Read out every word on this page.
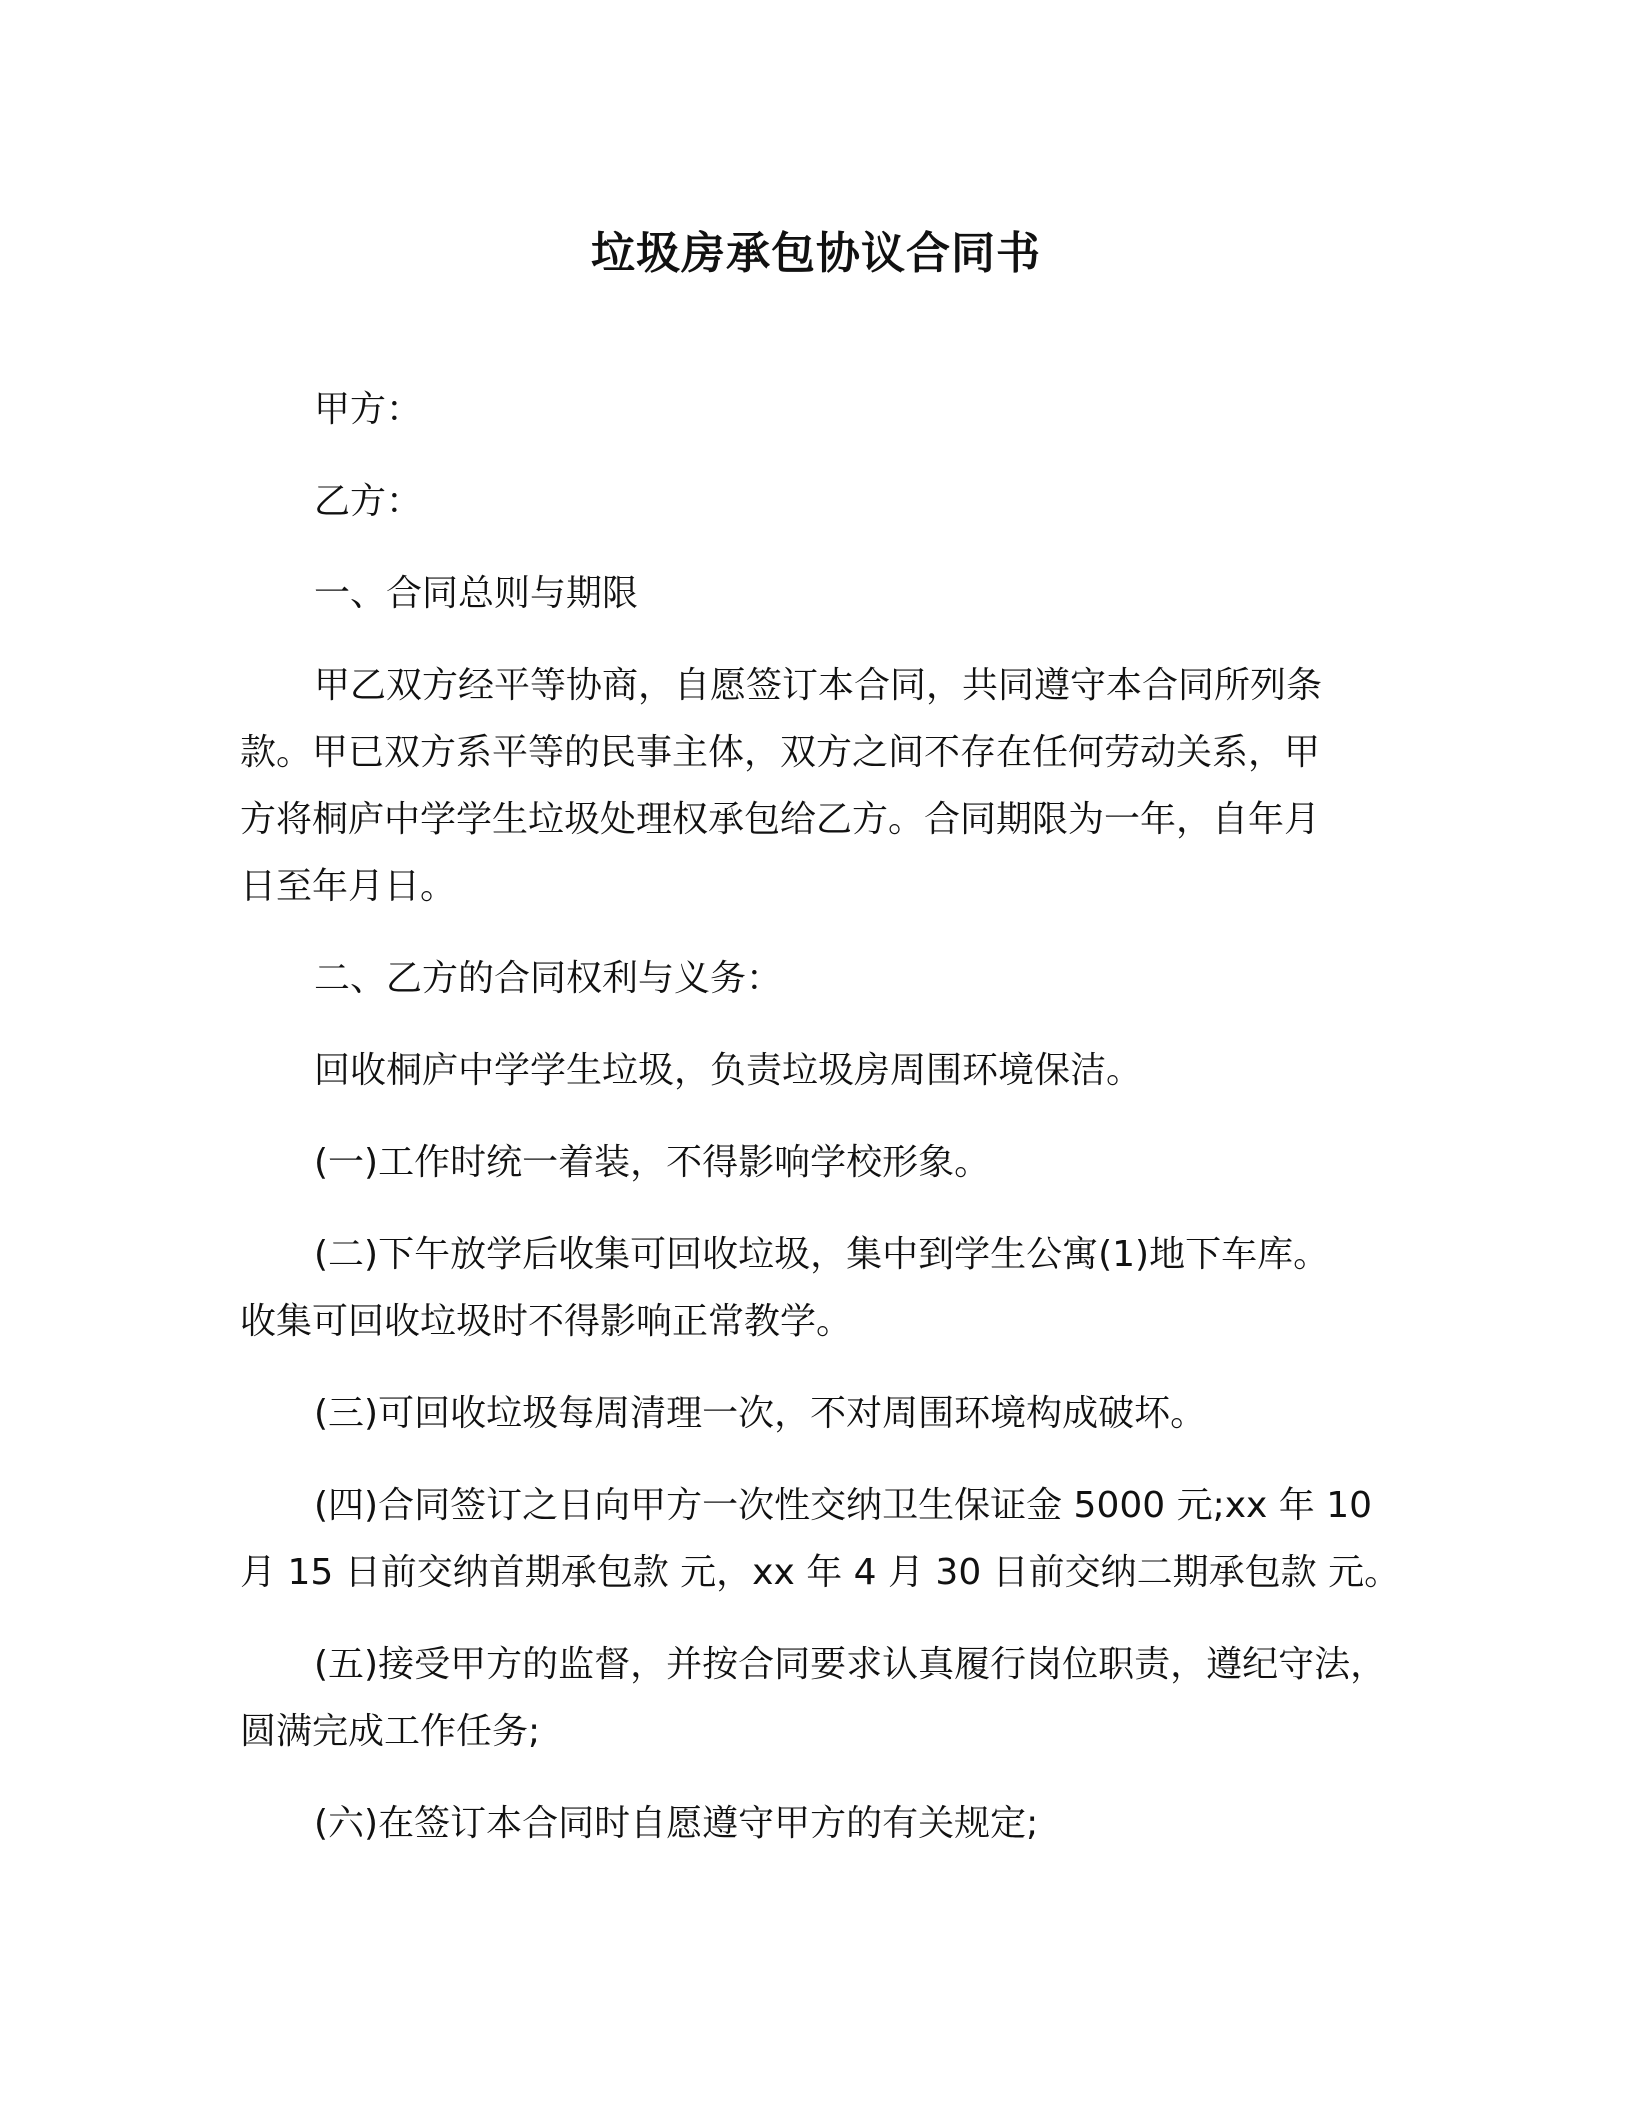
垃圾房承包协议合同书
甲方：
乙方：
一、合同总则与期限
甲乙双方经平等协商，自愿签订本合同，共同遵守本合同所列条
款。甲已双方系平等的民事主体，双方之间不存在任何劳动关系，甲
方将桐庐中学学生垃圾处理权承包给乙方。合同期限为一年，自年月
日至年月日。
二、乙方的合同权利与义务：
回收桐庐中学学生垃圾，负责垃圾房周围环境保洁。
(一)工作时统一着装，不得影响学校形象。
(二)下午放学后收集可回收垃圾，集中到学生公寓(1)地下车库。
收集可回收垃圾时不得影响正常教学。
(三)可回收垃圾每周清理一次，不对周围环境构成破坏。
(四)合同签订之日向甲方一次性交纳卫生保证金 5000 元;xx 年 10
月 15 日前交纳首期承包款 元，xx 年 4 月 30 日前交纳二期承包款 元。
(五)接受甲方的监督，并按合同要求认真履行岗位职责，遵纪守法，
圆满完成工作任务;
(六)在签订本合同时自愿遵守甲方的有关规定;
